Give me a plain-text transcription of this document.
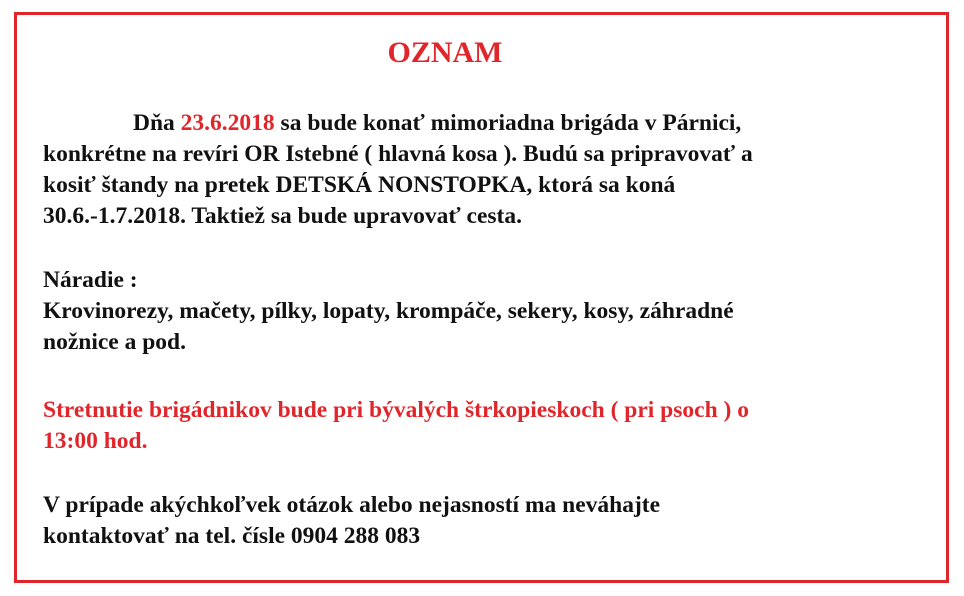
OZNAM

Dňa 23.6.2018 sa bude konať mimoriadna brigáda v Párnici,
konkrétne na revíri OR Istebné ( hlavná kosa ). Budú sa pripravovať a
kosiť štandy na pretek DETSKÁ NONSTOPKA, ktorá sa koná
30.6.-1.7.2018. Taktiež sa bude upravovať cesta.

Náradie :
Krovinorezy, mačety, pílky, lopaty, krompáče, sekery, kosy, záhradné
nožnice a pod.

Stretnutie brigádnikov bude pri bývalých štrkopieskoch ( pri psoch ) o
13:00 hod.

V prípade akýchkoľvek otázok alebo nejasností ma neváhajte
kontaktovať na tel. čísle 0904 288 083
